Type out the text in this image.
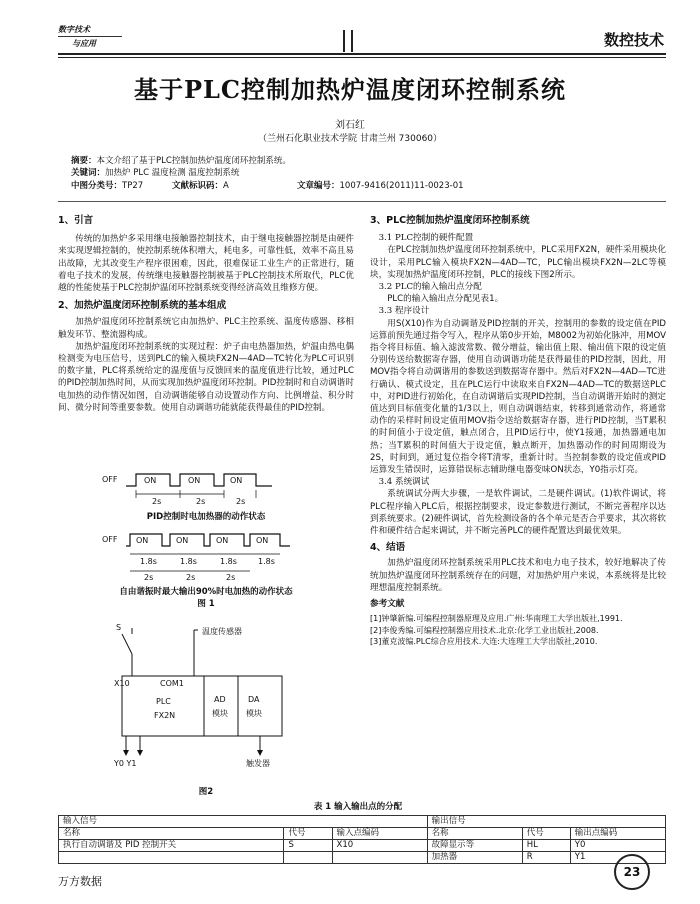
数字技术
与应用	数控技术
基于PLC控制加热炉温度闭环控制系统
刘石红
（兰州石化职业技术学院 甘肃兰州 730060）
摘要：本文介绍了基于PLC控制加热炉温度闭环控制系统。
关键词：加热炉 PLC 温度检测 温度控制系统
中图分类号：TP27	文献标识码：A	文章编号：1007-9416(2011)11-0023-01
1、引言

传统的加热炉多采用继电接触器控制技术，由于继电接触器控制是由硬件来实现逻辑控制的，使控制系统体积增大，耗电多，可靠性低，效率不高且易出故障，尤其改变生产程序很困难，因此，很难保证工业生产的正常进行，随着电子技术的发展，传统继电接触器控制被基于PLC控制技术所取代，PLC优越的性能使基于PLC控制炉温闭环控制系统变得经济高效且维修方便。

2、加热炉温度闭环控制系统的基本组成

加热炉温度闭环控制系统它由加热炉、PLC主控系统、温度传感器、移相触发环节、整流器构成。

加热炉温度闭环控制系统的实现过程：炉子由电热器加热，炉温由热电偶检测变为电压信号，送到PLC的输入模块FX2N—4AD—TC转化为PLC可识别的数字量，PLC将系统给定的温度值与反馈回来的温度值进行比较，通过PLC的PID控制加热时间，从而实现加热炉温度闭环控制。PID控制时和自动调谐时电加热的动作情况如图，自动调谐能够自动设置动作方向、比例增益、积分时间、微分时间等重要参数。使用自动调谐功能就能获得最佳的PID控制。

OFF	ON	ON	ON
2s	2s	2s
OFF ON	ON	ON	ON
1.8s	1.8s	1.8s	1.8s
2s	2s	2s
PID控制时电加热器的动作状态
自由谐振时最大输出90%时电加热的动作状态
图 1
S	温度传感器
X10	COM1
PLC
FX2N
AD
模块
DA
模块
Y0 Y1	触发器
图2
3、PLC控制加热炉温度闭环控制系统
3.1 PLC控制的硬件配置

在PLC控制加热炉温度闭环控制系统中，PLC采用FX2N，硬件采用模块化设计，采用PLC输入模块FX2N—4AD—TC，PLC输出模块FX2N—2LC等模块，实现加热炉温度闭环控制，PLC的接线下图2所示。

3.2 PLC的输入输出点分配

PLC的输入输出点分配见表1。

3.3 程序设计

用S(X10)作为自动调谐及PID控制的开关，控制用的参数的设定值在PID运算前预先通过指令写入，程序从第0步开始，M8002为初始化脉冲，用MOV指令将目标值、输入滤波常数、微分增益，输出值上限、输出值下限的设定值分别传送给数据寄存器，使用自动调谐功能是获得最佳的PID控制，因此，用MOV指令将自动调谐用的参数送到数据寄存器中。然后对FX2N—4AD—TC进行确认、模式设定，且在PLC运行中读取来自FX2N—4AD—TC的数据送PLC中，对PID进行初始化，在自动调谐后实现PID控制，当自动调谐开始时的测定值达到目标值变化量的1/3以上，则自动调谐结束，转移到通常动作，将通常动作的采样时间设定值用MOV指令送给数据寄存器，进行PID控制，当T累积的时间值小于设定值，触点闭合，且PID运行中，使Y1接通，加热器通电加热；当T累积的时间值大于设定值，触点断开，加热器动作的时间周期设为2S，时间到，通过复位指令将T清零，重新计时。当控制参数的设定值或PID运算发生错误时，运算错误标志辅助继电器变味ON状态，Y0指示灯亮。

3.4 系统调试

系统调试分两大步骤，一是软件调试，二是硬件调试。(1)软件调试，将PLC程序输入PLC后，根据控制要求，设定参数进行测试，不断完善程序以达到系统要求。(2)硬件调试，首先检测设备的各个单元是否合乎要求，其次将软件和硬件结合起来调试，并不断完善PLC的硬件配置达到最优效果。

4、结语

加热炉温度闭环控制系统采用PLC技术和电力电子技术，较好地解决了传统加热炉温度闭环控制系统存在的问题，对加热炉用户来说，本系统将是比较理想温度控制系统。

参考文献
[1]钟肇新编.可编程控制器原理及应用.广州:华南理工大学出版社,1991.
[2]李俊秀编.可编程控制器应用技术.北京:化学工业出版社,2008.
[3]董克波编.PLC综合应用技术.大连:大连理工大学出版社,2010.
表 1 输入输出点的分配
输入信号			输出信号		
名称	代号	输入点编码	名称	代号	输出点编码
执行自动调谐及 PID 控制开关	S	X10	故障显示等	HL	Y0
			加热器	R	Y1
万方数据
23
